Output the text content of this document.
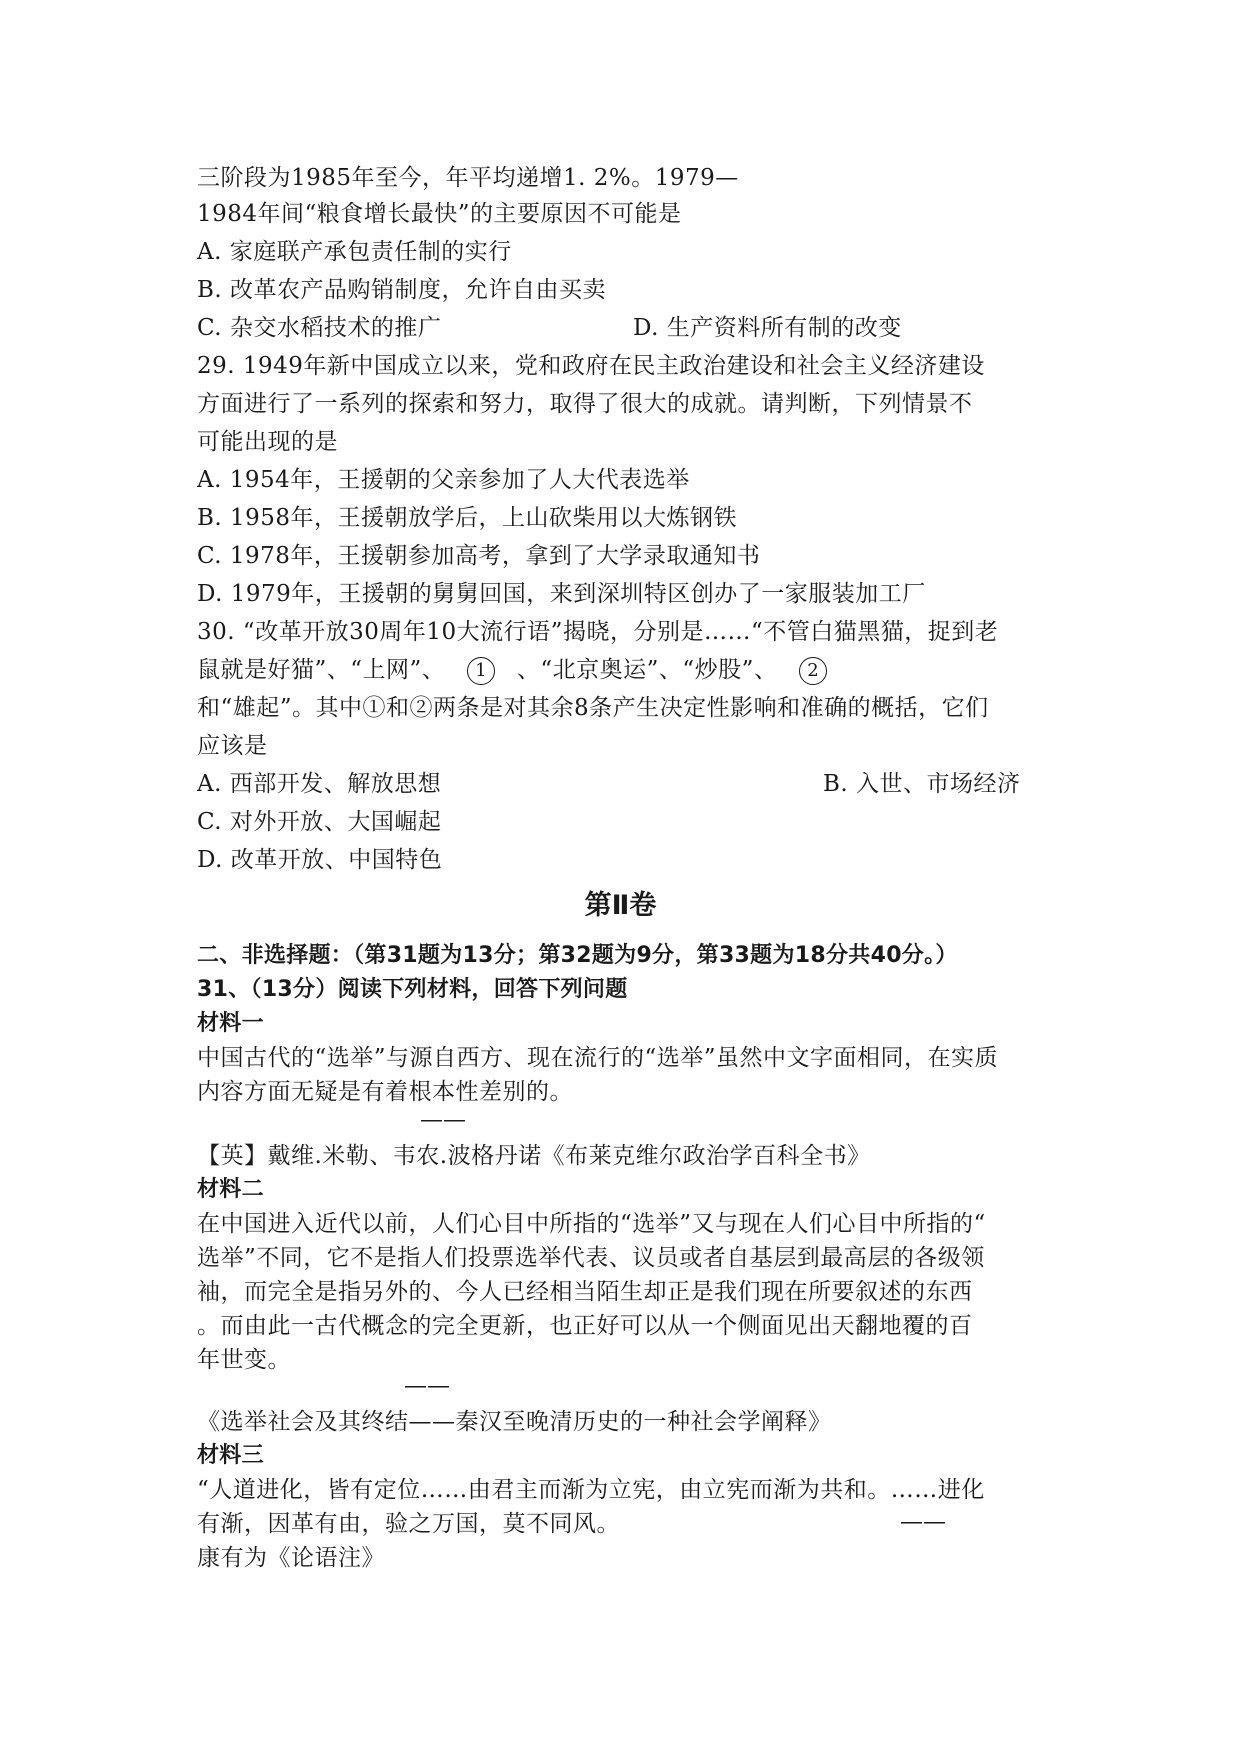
三阶段为1985年至今，年平均递增1. 2%。1979—
1984年间“粮食增长最快”的主要原因不可能是
A. 家庭联产承包责任制的实行
B. 改革农产品购销制度，允许自由买卖
C. 杂交水稻技术的推广	D. 生产资料所有制的改变
29. 1949年新中国成立以来，党和政府在民主政治建设和社会主义经济建设
方面进行了一系列的探索和努力，取得了很大的成就。请判断，下列情景不
可能出现的是
A. 1954年，王援朝的父亲参加了人大代表选举
B. 1958年，王援朝放学后，上山砍柴用以大炼钢铁
C. 1978年，王援朝参加高考，拿到了大学录取通知书
D. 1979年，王援朝的舅舅回国，来到深圳特区创办了一家服装加工厂
30. “改革开放30周年10大流行语”揭晓，分别是……“不管白猫黑猫，捉到老
鼠就是好猫”、“上网”、 1 、“北京奥运”、“炒股”、 2
和“雄起”。其中①和②两条是对其余8条产生决定性影响和准确的概括，它们
应该是
A. 西部开发、解放思想	B. 入世、市场经济
C. 对外开放、大国崛起
D. 改革开放、中国特色
第Ⅱ卷
二、非选择题：（第31题为13分；第32题为9分，第33题为18分共40分。）
31、（13分）阅读下列材料，回答下列问题
材料一
中国古代的“选举”与源自西方、现在流行的“选举”虽然中文字面相同，在实质
内容方面无疑是有着根本性差别的。
——
【英】戴维.米勒、韦农.波格丹诺《布莱克维尔政治学百科全书》
材料二
在中国进入近代以前，人们心目中所指的“选举”又与现在人们心目中所指的“
选举”不同，它不是指人们投票选举代表、议员或者自基层到最高层的各级领
袖，而完全是指另外的、今人已经相当陌生却正是我们现在所要叙述的东西
。而由此一古代概念的完全更新，也正好可以从一个侧面见出天翻地覆的百
年世变。
——
《选举社会及其终结——秦汉至晚清历史的一种社会学阐释》
材料三
“人道进化，皆有定位……由君主而渐为立宪，由立宪而渐为共和。……进化
有渐，因革有由，验之万国，莫不同风。	——
康有为《论语注》
